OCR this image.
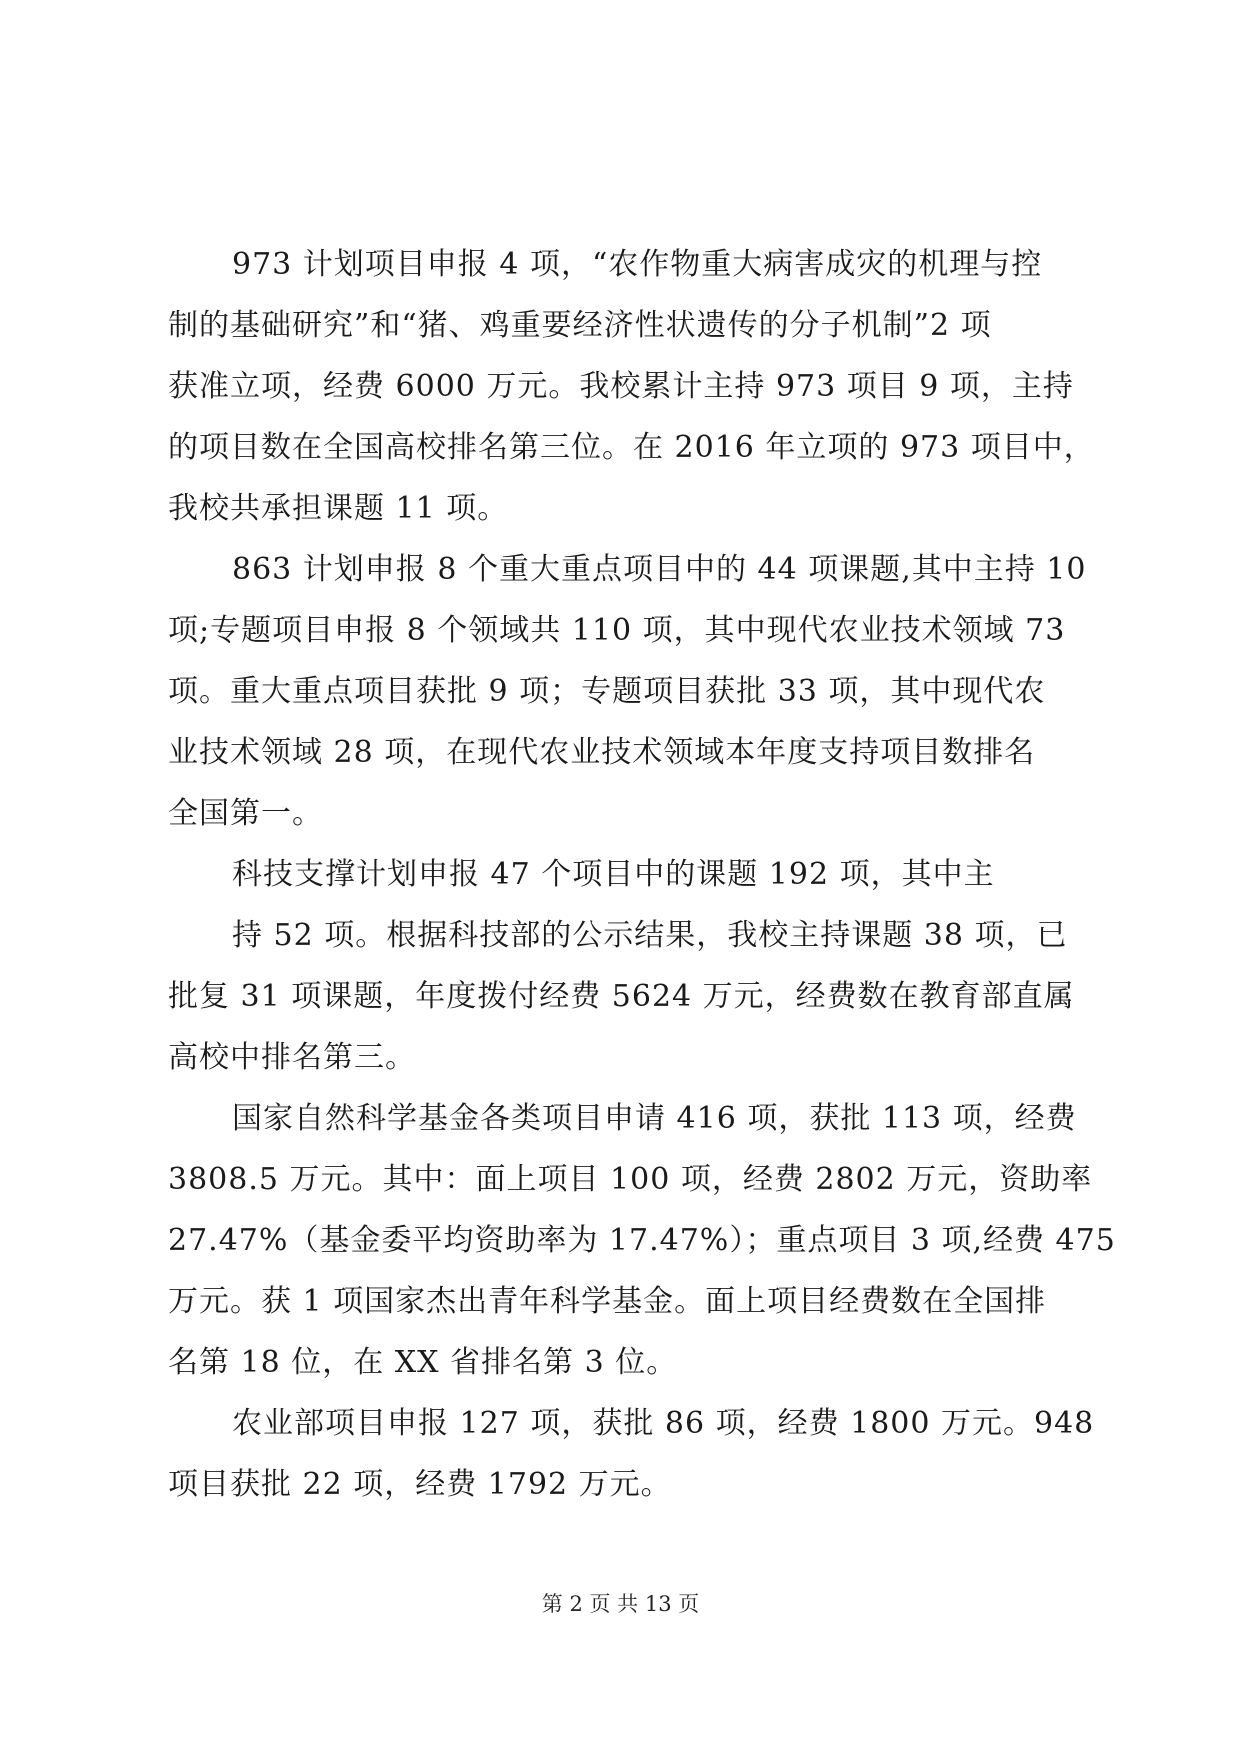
973 计划项目申报 4 项，“农作物重大病害成灾的机理与控
制的基础研究”和“猪、鸡重要经济性状遗传的分子机制”2 项
获准立项，经费 6000 万元。我校累计主持 973 项目 9 项，主持
的项目数在全国高校排名第三位。在 2016 年立项的 973 项目中，
我校共承担课题 11 项。

863 计划申报 8 个重大重点项目中的 44 项课题,其中主持 10
项;专题项目申报 8 个领域共 110 项，其中现代农业技术领域 73
项。重大重点项目获批 9 项；专题项目获批 33 项，其中现代农
业技术领域 28 项，在现代农业技术领域本年度支持项目数排名
全国第一。

科技支撑计划申报 47 个项目中的课题 192 项，其中主
持 52 项。根据科技部的公示结果，我校主持课题 38 项，已
批复 31 项课题，年度拨付经费 5624 万元，经费数在教育部直属
高校中排名第三。

国家自然科学基金各类项目申请 416 项，获批 113 项，经费
3808.5 万元。其中：面上项目 100 项，经费 2802 万元，资助率
27.47%（基金委平均资助率为 17.47%）；重点项目 3 项,经费 475
万元。获 1 项国家杰出青年科学基金。面上项目经费数在全国排
名第 18 位，在 XX 省排名第 3 位。

农业部项目申报 127 项，获批 86 项，经费 1800 万元。948
项目获批 22 项，经费 1792 万元。

第 2 页 共 13 页
